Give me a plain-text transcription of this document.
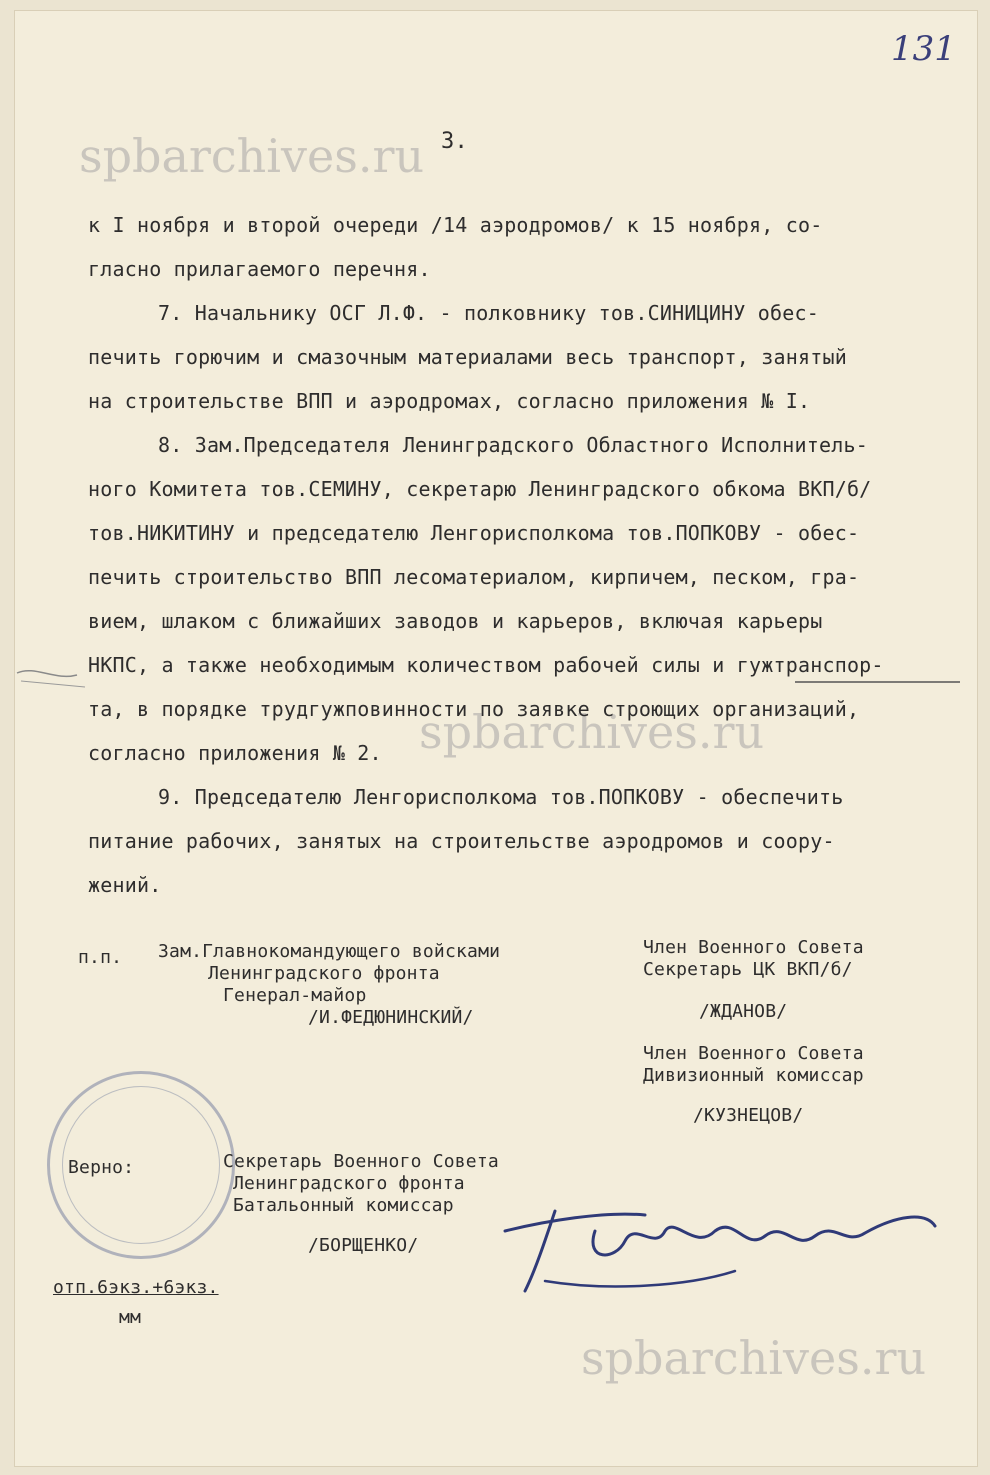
131
3.
spbarchives.ru
spbarchives.ru
spbarchives.ru
к I ноября и второй очереди /14 аэродромов/ к 15 ноября, со-
гласно прилагаемого перечня.
7. Начальнику ОСГ Л.Ф. - полковнику тов.СИНИЦИНУ обес-
печить горючим и смазочным материалами весь транспорт, занятый
на строительстве ВПП и аэродромах, согласно приложения № I.
8. Зам.Председателя Ленинградского Областного Исполнитель-
ного Комитета тов.СЕМИНУ, секретарю Ленинградского обкома ВКП/б/
тов.НИКИТИНУ и председателю Ленгорисполкома тов.ПОПКОВУ - обес-
печить строительство ВПП лесоматериалом, кирпичем, песком, гра-
вием, шлаком с ближайших заводов и карьеров, включая карьеры
НКПС, а также необходимым количеством рабочей силы и гужтранспор-
та, в порядке трудгужповинности по заявке строющих организаций,
согласно приложения № 2.
9. Председателю Ленгорисполкома тов.ПОПКОВУ - обеспечить
питание рабочих, занятых на строительстве аэродромов и соору-
жений.
п.п. Зам.Главнокомандующего войсками
Ленинградского фронта
Генерал-майор
/И.ФЕДЮНИНСКИЙ/
Член Военного Совета
Секретарь ЦК ВКП/б/
/ЖДАНОВ/
Член Военного Совета
Дивизионный комиссар
/КУЗНЕЦОВ/
Верно:	Секретарь Военного Совета
Ленинградского фронта
Батальонный комиссар
/БОРЩЕНКО/
отп.6экз.+6экз.
мм
